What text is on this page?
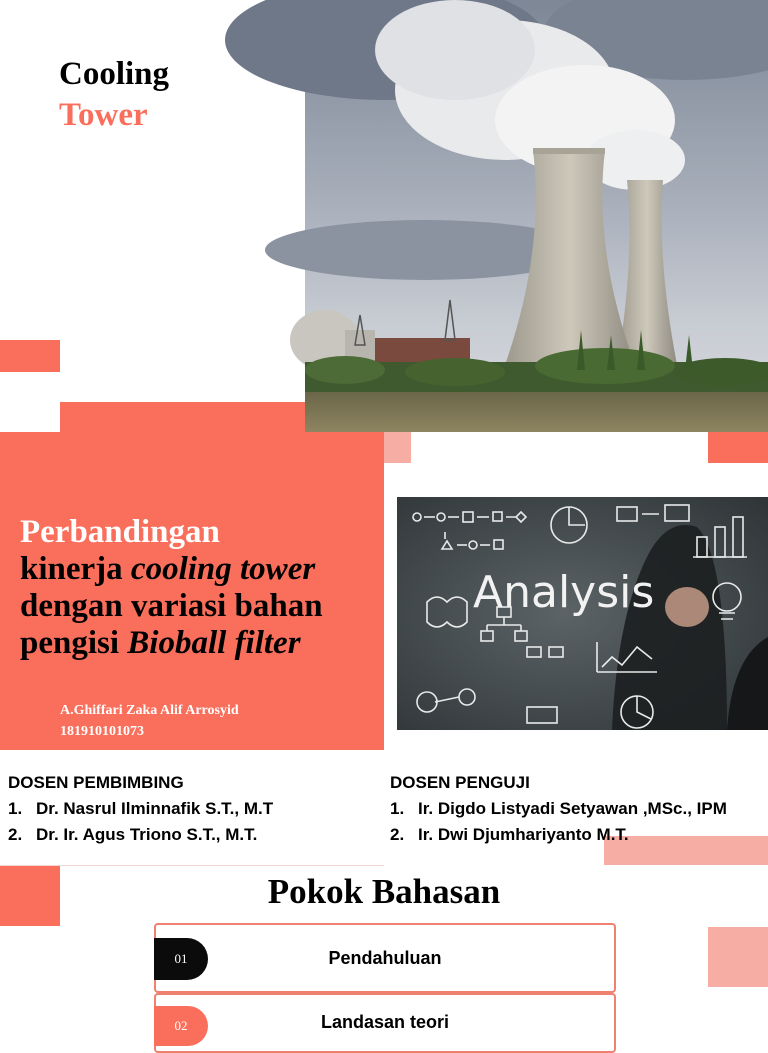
Cooling
Tower
Perbandingan
kinerja cooling tower
dengan variasi bahan
pengisi Bioball filter
A.Ghiffari Zaka Alif Arrosyid
181910101073
Analysis
DOSEN PEMBIMBING
1. Dr. Nasrul Ilminnafik S.T., M.T
2. Dr. Ir. Agus Triono S.T., M.T.
DOSEN PENGUJI
1. Ir. Digdo Listyadi Setyawan ,MSc., IPM
2. Ir. Dwi Djumhariyanto M.T.
Pokok Bahasan
01	Pendahuluan
02	Landasan teori
